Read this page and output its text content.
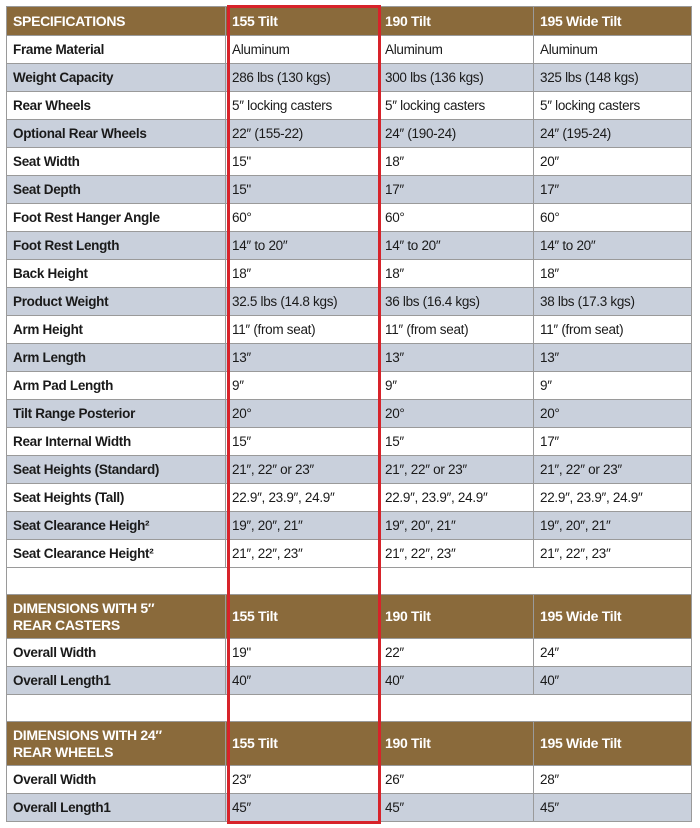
SPECIFICATIONS	155 Tilt	190 Tilt	195 Wide Tilt
Frame Material	Aluminum	Aluminum	Aluminum
Weight Capacity	286 lbs (130 kgs)	300 lbs (136 kgs)	325 lbs (148 kgs)
Rear Wheels	5″ locking casters	5″ locking casters	5″ locking casters
Optional Rear Wheels	22″ (155-22)	24″ (190-24)	24″ (195-24)
Seat Width	15"	18″	20″
Seat Depth	15"	17″	17″
Foot Rest Hanger Angle	60°	60°	60°
Foot Rest Length	14″ to 20″	14″ to 20″	14″ to 20″
Back Height	18″	18″	18″
Product Weight	32.5 lbs (14.8 kgs)	36 lbs (16.4 kgs)	38 lbs (17.3 kgs)
Arm Height	11″ (from seat)	11″ (from seat)	11″ (from seat)
Arm Length	13″	13″	13″
Arm Pad Length	9″	9″	9″
Tilt Range Posterior	20°	20°	20°
Rear Internal Width	15″	15″	17″
Seat Heights (Standard)	21″, 22″ or 23″	21″, 22″ or 23″	21″, 22″ or 23″
Seat Heights (Tall)	22.9″, 23.9″, 24.9″	22.9″, 23.9″, 24.9″	22.9″, 23.9″, 24.9″
Seat Clearance Heigh²	19″, 20″, 21″	19″, 20″, 21″	19″, 20″, 21″
Seat Clearance Height²	21″, 22″, 23″	21″, 22″, 23″	21″, 22″, 23″

DIMENSIONS WITH 5″
REAR CASTERS	155 Tilt	190 Tilt	195 Wide Tilt
Overall Width	19"	22″	24″
Overall Length1	40″	40″	40″

DIMENSIONS WITH 24″
REAR WHEELS	155 Tilt	190 Tilt	195 Wide Tilt
Overall Width	23″	26″	28″
Overall Length1	45″	45″	45″
